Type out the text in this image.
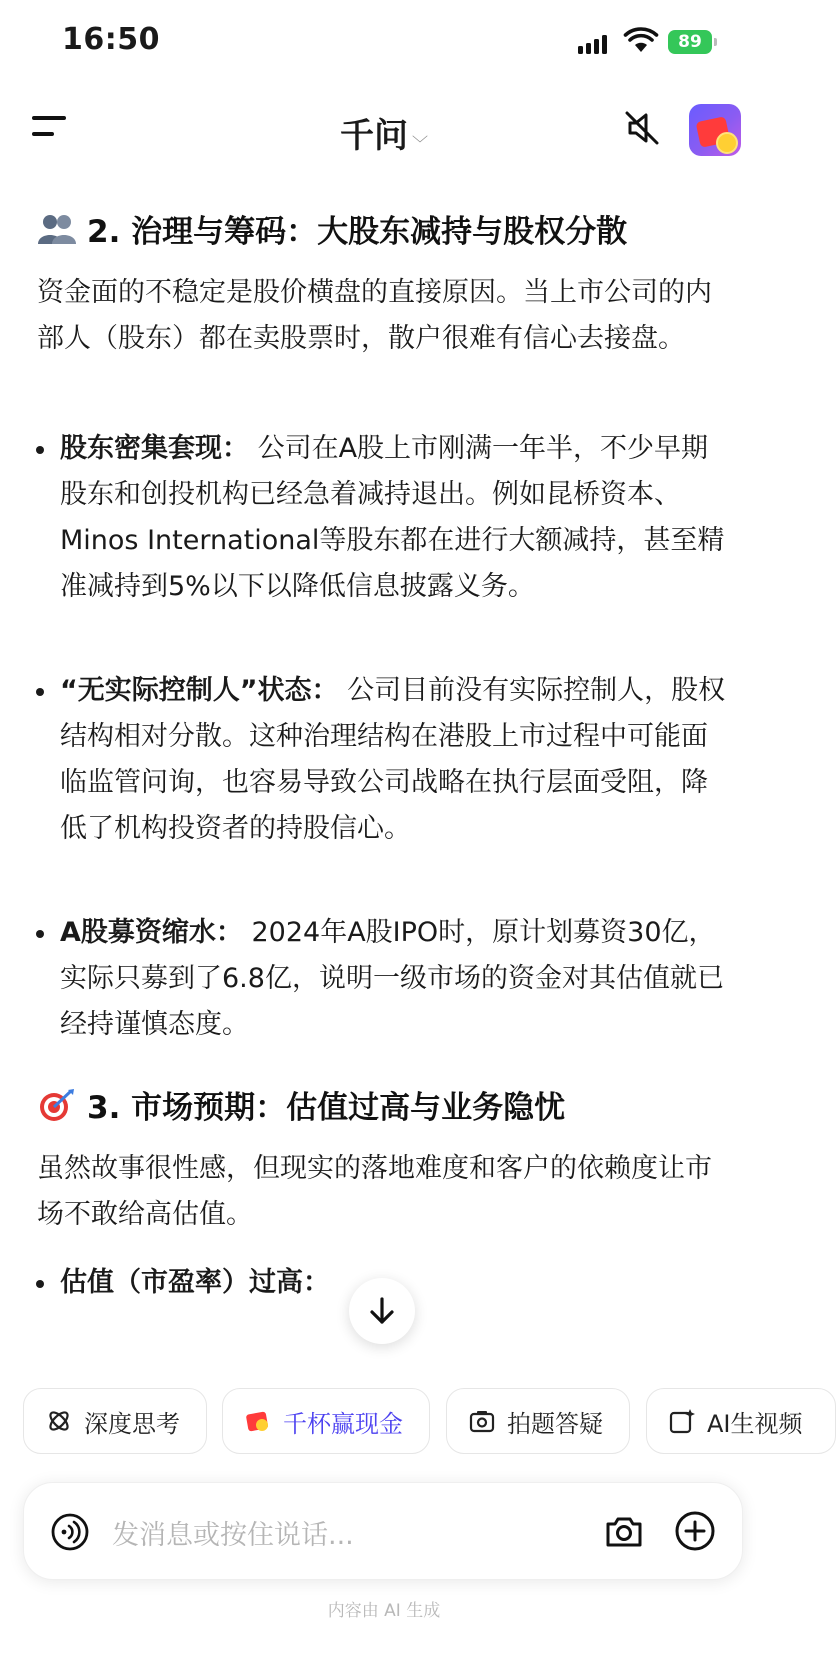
16:50	89
千问 ﹀
2. 治理与筹码：大股东减持与股权分散
资金面的不稳定是股价横盘的直接原因。当上市公司的内部人（股东）都在卖股票时，散户很难有信心去接盘。
股东密集套现： 公司在A股上市刚满一年半，不少早期股东和创投机构已经急着减持退出。例如昆桥资本、Minos International等股东都在进行大额减持，甚至精准减持到5%以下以降低信息披露义务。
“无实际控制人”状态： 公司目前没有实际控制人，股权结构相对分散。这种治理结构在港股上市过程中可能面临监管问询，也容易导致公司战略在执行层面受阻，降低了机构投资者的持股信心。
A股募资缩水： 2024年A股IPO时，原计划募资30亿，实际只募到了6.8亿，说明一级市场的资金对其估值就已经持谨慎态度。
3. 市场预期：估值过高与业务隐忧
虽然故事很性感，但现实的落地难度和客户的依赖度让市场不敢给高估值。
估值（市盈率）过高：
深度思考	千杯赢现金	拍题答疑	AI生视频
发消息或按住说话...
内容由 AI 生成
